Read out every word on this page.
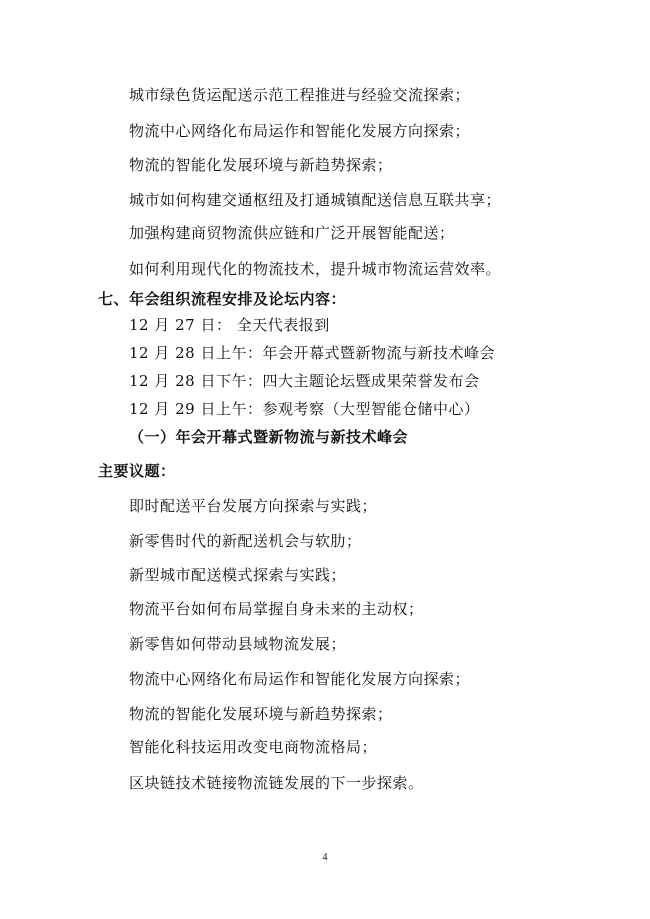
城市绿色货运配送示范工程推进与经验交流探索；
物流中心网络化布局运作和智能化发展方向探索；
物流的智能化发展环境与新趋势探索；
城市如何构建交通枢纽及打通城镇配送信息互联共享；
加强构建商贸物流供应链和广泛开展智能配送；
如何利用现代化的物流技术，提升城市物流运营效率。
七、年会组织流程安排及论坛内容：
12 月 27 日： 全天代表报到
12 月 28 日上午：年会开幕式暨新物流与新技术峰会
12 月 28 日下午：四大主题论坛暨成果荣誉发布会
12 月 29 日上午：参观考察（大型智能仓储中心）
（一）年会开幕式暨新物流与新技术峰会
主要议题：
即时配送平台发展方向探索与实践；
新零售时代的新配送机会与软肋；
新型城市配送模式探索与实践；
物流平台如何布局掌握自身未来的主动权；
新零售如何带动县域物流发展；
物流中心网络化布局运作和智能化发展方向探索；
物流的智能化发展环境与新趋势探索；
智能化科技运用改变电商物流格局；
区块链技术链接物流链发展的下一步探索。
4
